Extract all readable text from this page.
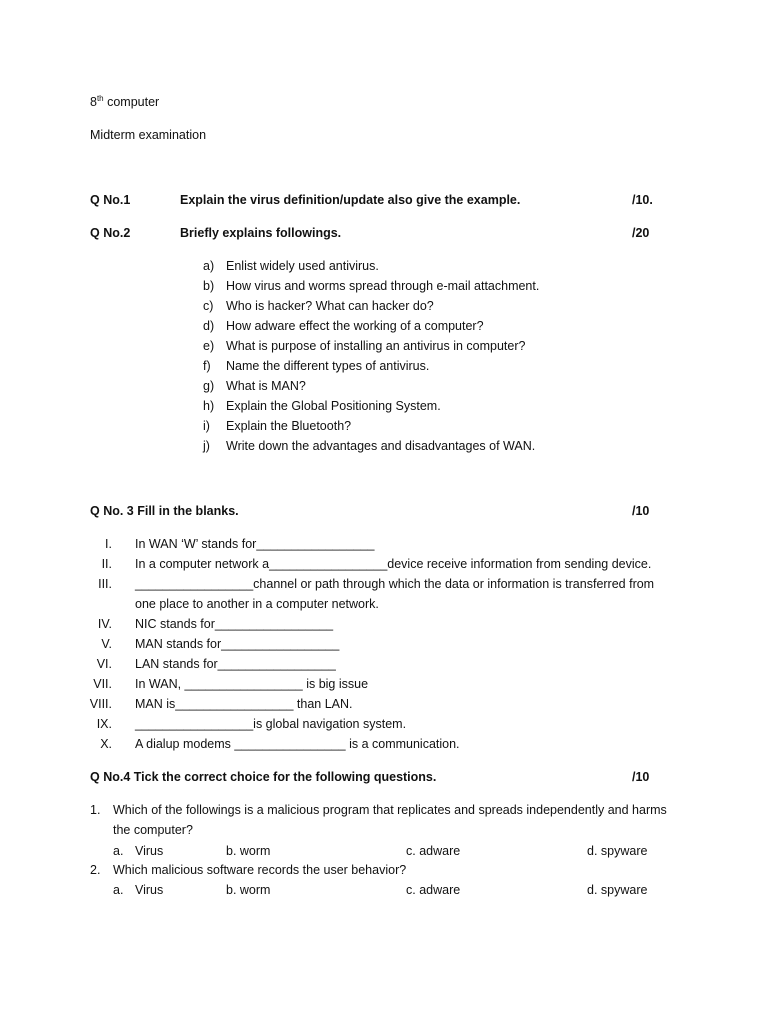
8th computer
Midterm examination
Q No.1	Explain the virus definition/update also give the example.	/10.
Q No.2	Briefly explains followings.	/20
a) Enlist widely used antivirus.
b) How virus and worms spread through e-mail attachment.
c) Who is hacker? What can hacker do?
d) How adware effect the working of a computer?
e) What is purpose of installing an antivirus in computer?
f) Name the different types of antivirus.
g) What is MAN?
h) Explain the Global Positioning System.
i) Explain the Bluetooth?
j) Write down the advantages and disadvantages of WAN.
Q No. 3 Fill in the blanks.	/10
I. In WAN ‘W’ stands for_________________
II. In a computer network a_________________device receive information from sending device.
III. _________________channel or path through which the data or information is transferred from
one place to another in a computer network.
IV. NIC stands for_________________
V. MAN stands for_________________
VI. LAN stands for_________________
VII. In WAN, _________________ is big issue
VIII. MAN is_________________ than LAN.
IX. _________________is global navigation system.
X. A dialup modems ________________ is a communication.
Q No.4 Tick the correct choice for the following questions.	/10
1. Which of the followings is a malicious program that replicates and spreads independently and harms the computer?
a. Virus	b. worm	c. adware	d. spyware
2. Which malicious software records the user behavior?
a. Virus	b. worm	c. adware	d. spyware
